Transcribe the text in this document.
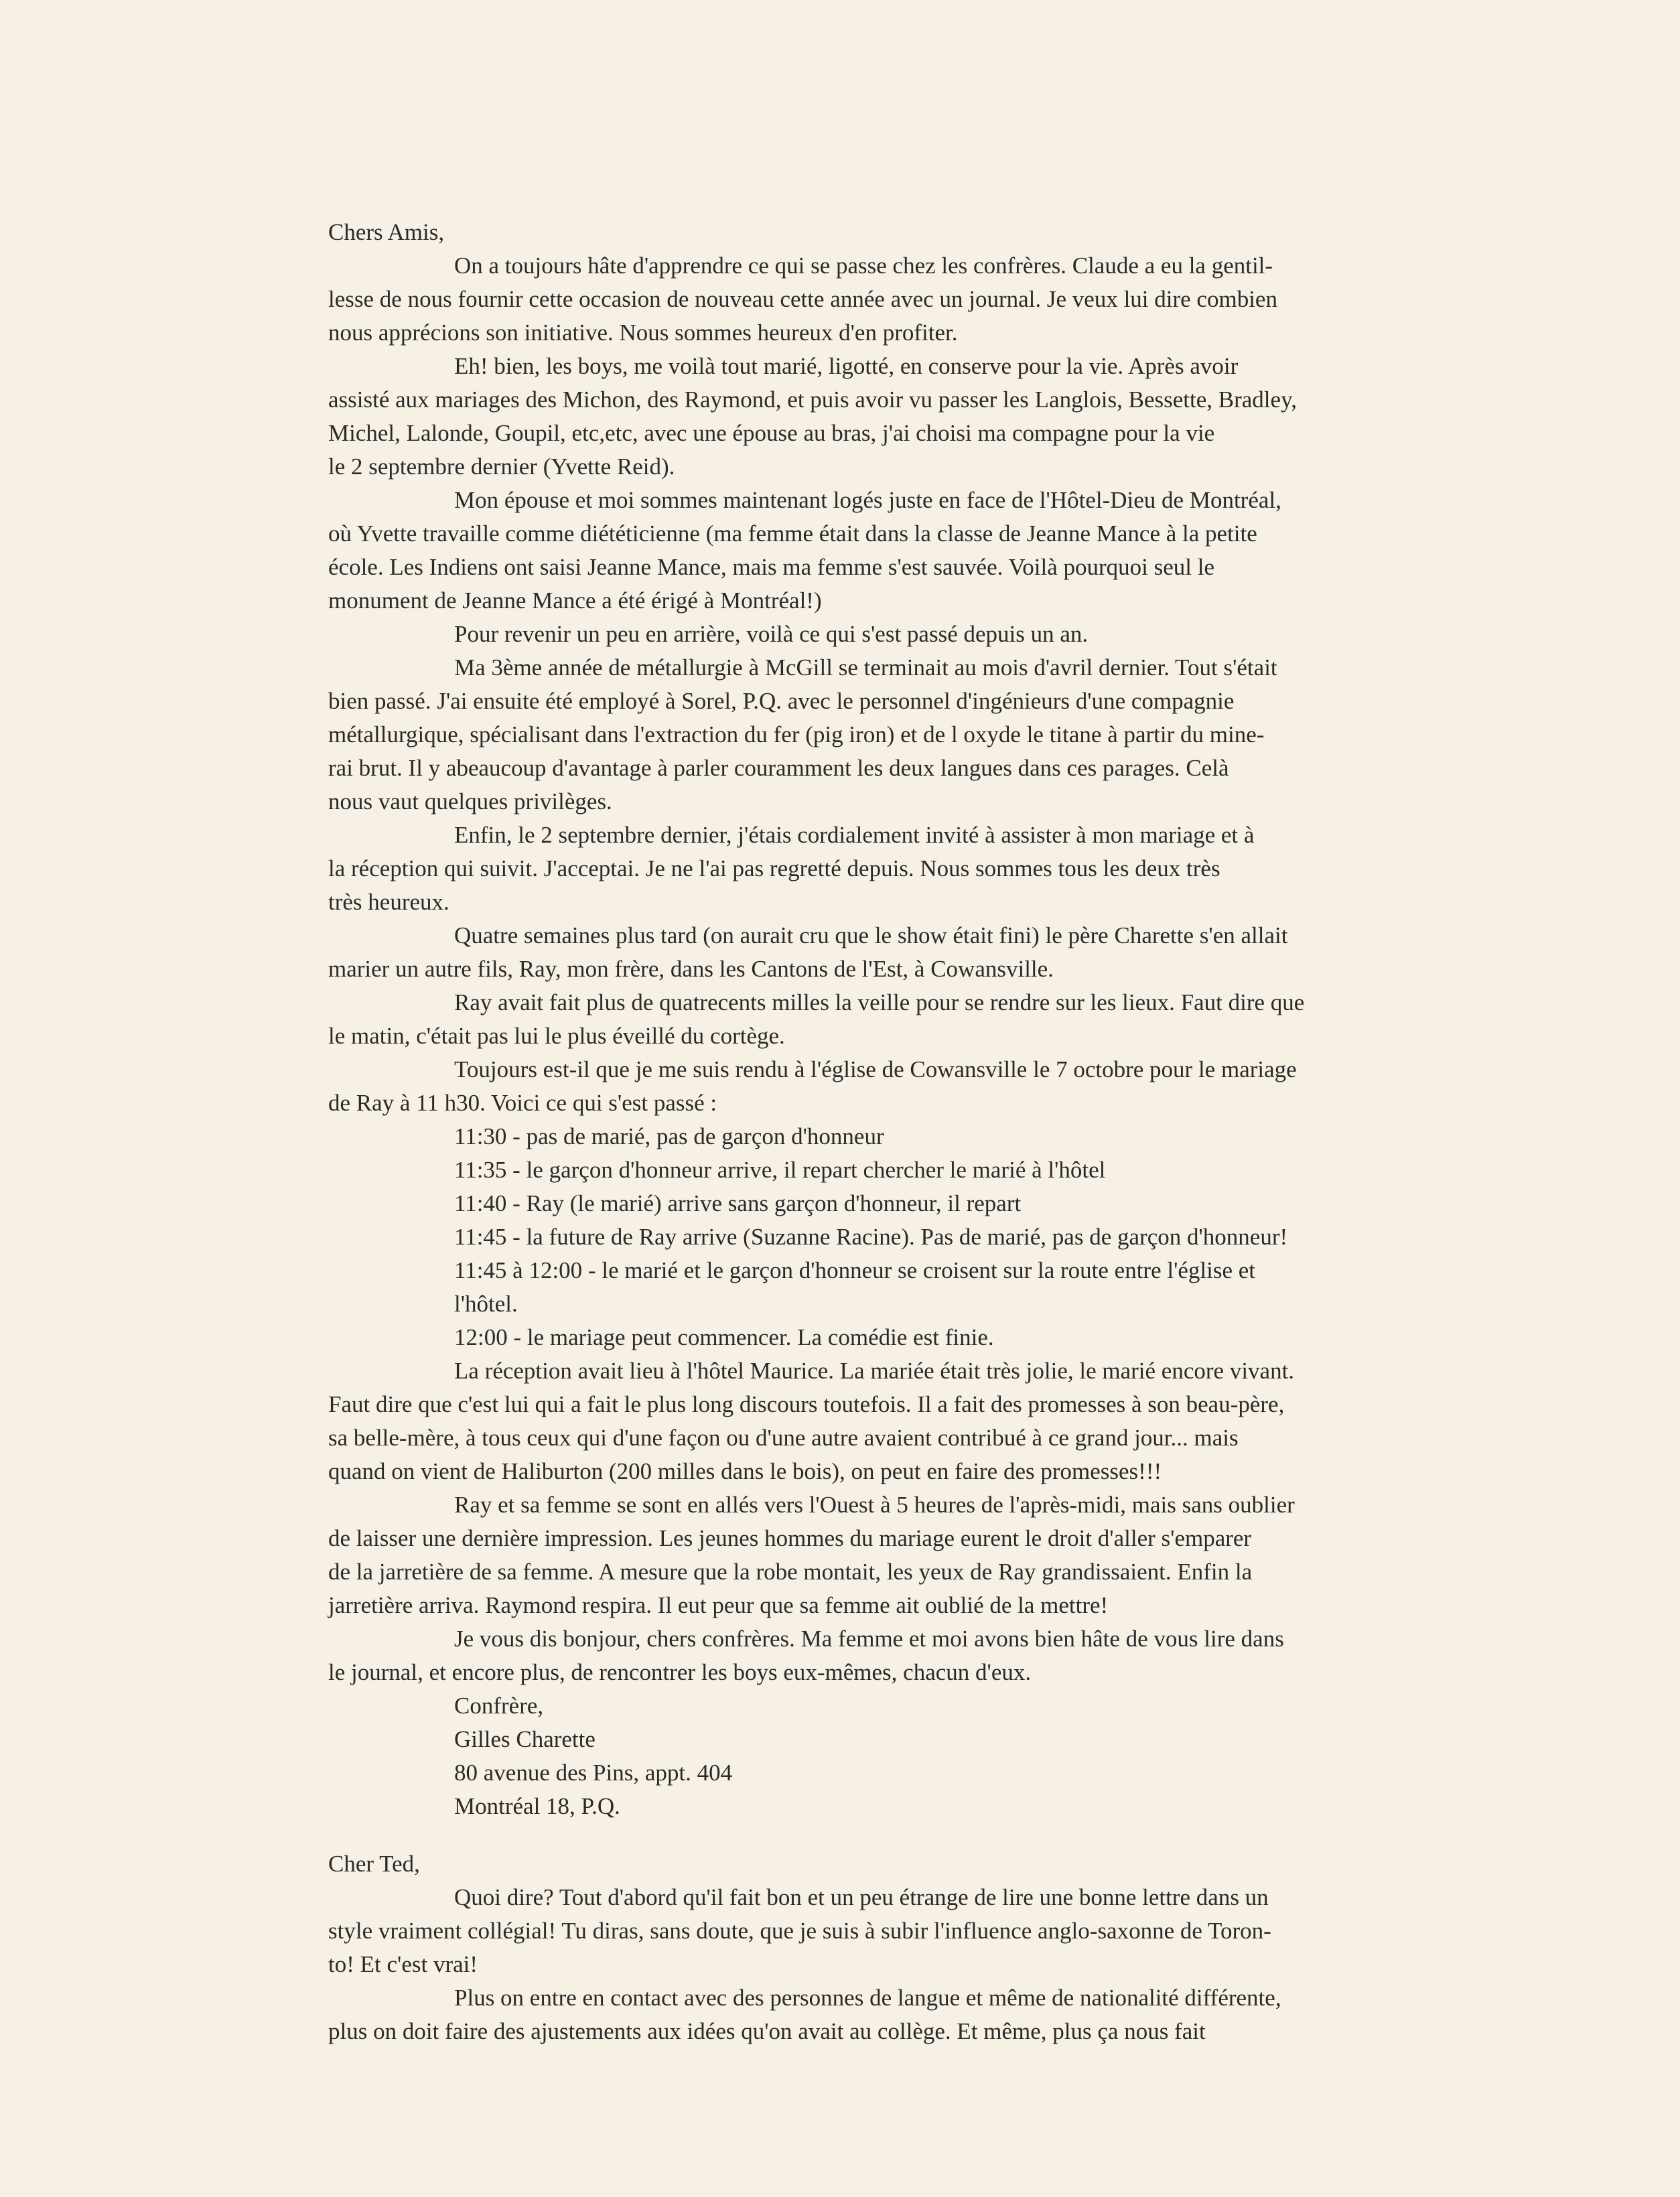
Chers Amis,
On a toujours hâte d'apprendre ce qui se passe chez les confrères. Claude a eu la gentil-
lesse de nous fournir cette occasion de nouveau cette année avec un journal. Je veux lui dire combien
nous apprécions son initiative. Nous sommes heureux d'en profiter.
Eh! bien, les boys, me voilà tout marié, ligotté, en conserve pour la vie. Après avoir
assisté aux mariages des Michon, des Raymond, et puis avoir vu passer les Langlois, Bessette, Bradley,
Michel, Lalonde, Goupil, etc,etc, avec une épouse au bras, j'ai choisi ma compagne pour la vie
le 2 septembre dernier (Yvette Reid).
Mon épouse et moi sommes maintenant logés juste en face de l'Hôtel-Dieu de Montréal,
où Yvette travaille comme diététicienne (ma femme était dans la classe de Jeanne Mance à la petite
école. Les Indiens ont saisi Jeanne Mance, mais ma femme s'est sauvée. Voilà pourquoi seul le
monument de Jeanne Mance a été érigé à Montréal!)
Pour revenir un peu en arrière, voilà ce qui s'est passé depuis un an.
Ma 3ème année de métallurgie à McGill se terminait au mois d'avril dernier. Tout s'était
bien passé. J'ai ensuite été employé à Sorel, P.Q. avec le personnel d'ingénieurs d'une compagnie
métallurgique, spécialisant dans l'extraction du fer (pig iron) et de l oxyde le titane à partir du mine-
rai brut. Il y abeaucoup d'avantage à parler couramment les deux langues dans ces parages. Celà
nous vaut quelques privilèges.
Enfin, le 2 septembre dernier, j'étais cordialement invité à assister à mon mariage et à
la réception qui suivit. J'acceptai. Je ne l'ai pas regretté depuis. Nous sommes tous les deux très
très heureux.
Quatre semaines plus tard (on aurait cru que le show était fini) le père Charette s'en allait
marier un autre fils, Ray, mon frère, dans les Cantons de l'Est, à Cowansville.
Ray avait fait plus de quatrecents milles la veille pour se rendre sur les lieux. Faut dire que
le matin, c'était pas lui le plus éveillé du cortège.
Toujours est-il que je me suis rendu à l'église de Cowansville le 7 octobre pour le mariage
de Ray à 11 h30. Voici ce qui s'est passé :
11:30 - pas de marié, pas de garçon d'honneur
11:35 - le garçon d'honneur arrive, il repart chercher le marié à l'hôtel
11:40 - Ray (le marié) arrive sans garçon d'honneur, il repart
11:45 - la future de Ray arrive (Suzanne Racine). Pas de marié, pas de garçon d'honneur!
11:45 à 12:00 - le marié et le garçon d'honneur se croisent sur la route entre l'église et
l'hôtel.
12:00 - le mariage peut commencer. La comédie est finie.
La réception avait lieu à l'hôtel Maurice. La mariée était très jolie, le marié encore vivant.
Faut dire que c'est lui qui a fait le plus long discours toutefois. Il a fait des promesses à son beau-père,
sa belle-mère, à tous ceux qui d'une façon ou d'une autre avaient contribué à ce grand jour... mais
quand on vient de Haliburton (200 milles dans le bois), on peut en faire des promesses!!!
Ray et sa femme se sont en allés vers l'Ouest à 5 heures de l'après-midi, mais sans oublier
de laisser une dernière impression. Les jeunes hommes du mariage eurent le droit d'aller s'emparer
de la jarretière de sa femme. A mesure que la robe montait, les yeux de Ray grandissaient. Enfin la
jarretière arriva. Raymond respira. Il eut peur que sa femme ait oublié de la mettre!
Je vous dis bonjour, chers confrères. Ma femme et moi avons bien hâte de vous lire dans
le journal, et encore plus, de rencontrer les boys eux-mêmes, chacun d'eux.
Confrère,
Gilles Charette
80 avenue des Pins, appt. 404
Montréal 18, P.Q.
Cher Ted,
Quoi dire? Tout d'abord qu'il fait bon et un peu étrange de lire une bonne lettre dans un
style vraiment collégial! Tu diras, sans doute, que je suis à subir l'influence anglo-saxonne de Toron-
to! Et c'est vrai!
Plus on entre en contact avec des personnes de langue et même de nationalité différente,
plus on doit faire des ajustements aux idées qu'on avait au collège. Et même, plus ça nous fait
